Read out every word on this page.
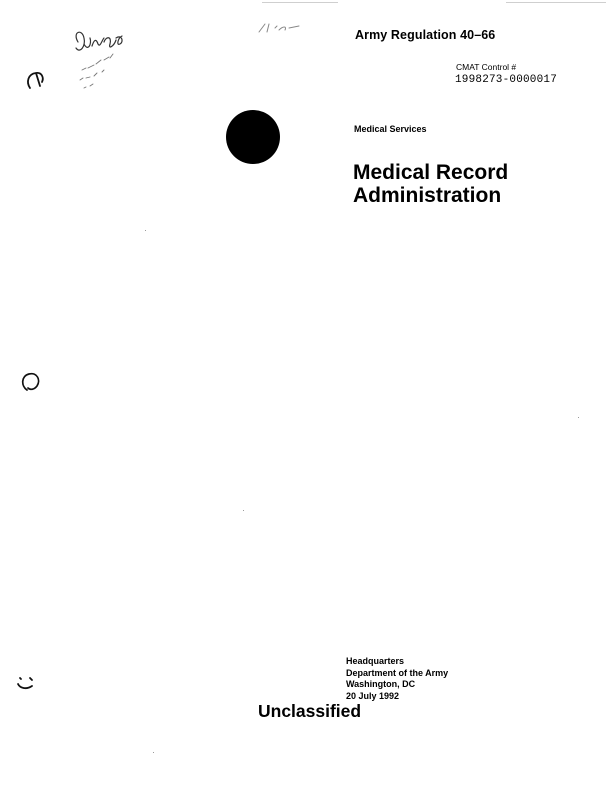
Army Regulation 40–66
CMAT Control #
1998273-0000017
Medical Services
Medical Record
Administration
Headquarters
Department of the Army
Washington, DC
20 July 1992
Unclassified
